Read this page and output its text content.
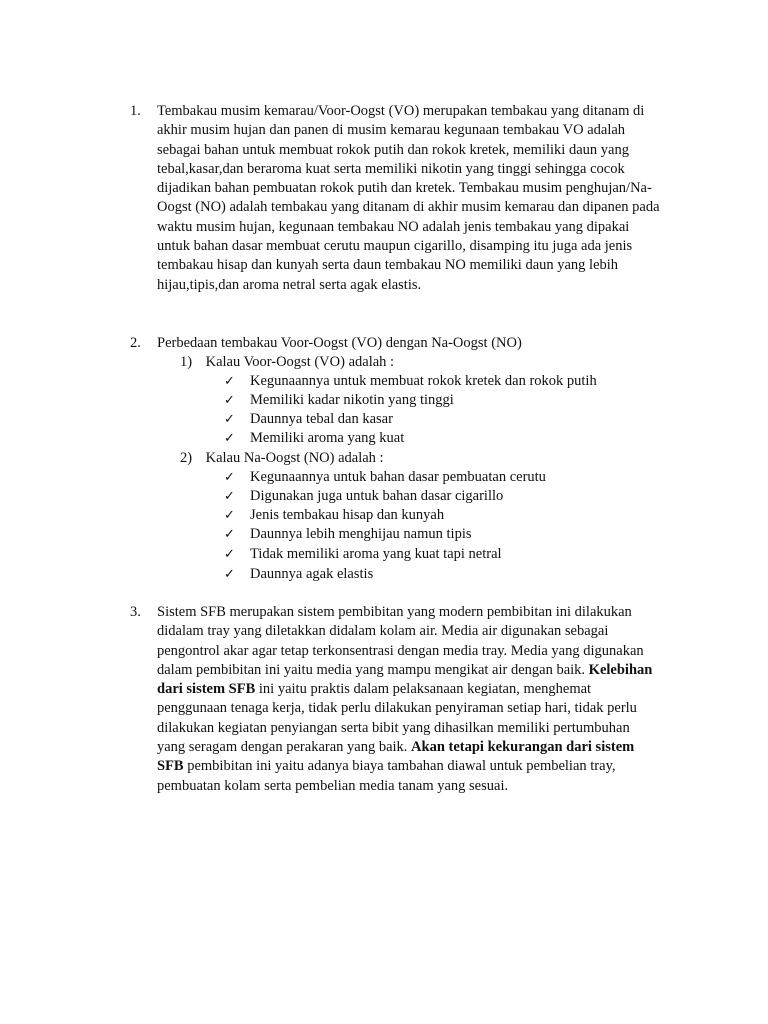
1. Tembakau musim kemarau/Voor-Oogst (VO) merupakan tembakau yang ditanam di akhir musim hujan dan panen di musim kemarau kegunaan tembakau VO adalah sebagai bahan untuk membuat rokok putih dan rokok kretek, memiliki daun yang tebal,kasar,dan beraroma kuat serta memiliki nikotin yang tinggi sehingga cocok dijadikan bahan pembuatan rokok putih dan kretek. Tembakau musim penghujan/Na-Oogst (NO) adalah tembakau yang ditanam di akhir musim kemarau dan dipanen pada waktu musim hujan, kegunaan tembakau NO adalah jenis tembakau yang dipakai untuk bahan dasar membuat cerutu maupun cigarillo, disamping itu juga ada jenis tembakau hisap dan kunyah serta daun tembakau NO memiliki daun yang lebih hijau,tipis,dan aroma netral serta agak elastis.
2. Perbedaan tembakau Voor-Oogst (VO) dengan Na-Oogst (NO)
1) Kalau Voor-Oogst (VO) adalah :
✓ Kegunaannya untuk membuat rokok kretek dan rokok putih
✓ Memiliki kadar nikotin yang tinggi
✓ Daunnya tebal dan kasar
✓ Memiliki aroma yang kuat
2) Kalau Na-Oogst (NO) adalah :
✓ Kegunaannya untuk bahan dasar pembuatan cerutu
✓ Digunakan juga untuk bahan dasar cigarillo
✓ Jenis tembakau hisap dan kunyah
✓ Daunnya lebih menghijau namun tipis
✓ Tidak memiliki aroma yang kuat tapi netral
✓ Daunnya agak elastis
3. Sistem SFB merupakan sistem pembibitan yang modern pembibitan ini dilakukan didalam tray yang diletakkan didalam kolam air. Media air digunakan sebagai pengontrol akar agar tetap terkonsentrasi dengan media tray. Media yang digunakan dalam pembibitan ini yaitu media yang mampu mengikat air dengan baik. Kelebihan dari sistem SFB ini yaitu praktis dalam pelaksanaan kegiatan, menghemat penggunaan tenaga kerja, tidak perlu dilakukan penyiraman setiap hari, tidak perlu dilakukan kegiatan penyiangan serta bibit yang dihasilkan memiliki pertumbuhan yang seragam dengan perakaran yang baik. Akan tetapi kekurangan dari sistem SFB pembibitan ini yaitu adanya biaya tambahan diawal untuk pembelian tray, pembuatan kolam serta pembelian media tanam yang sesuai.
